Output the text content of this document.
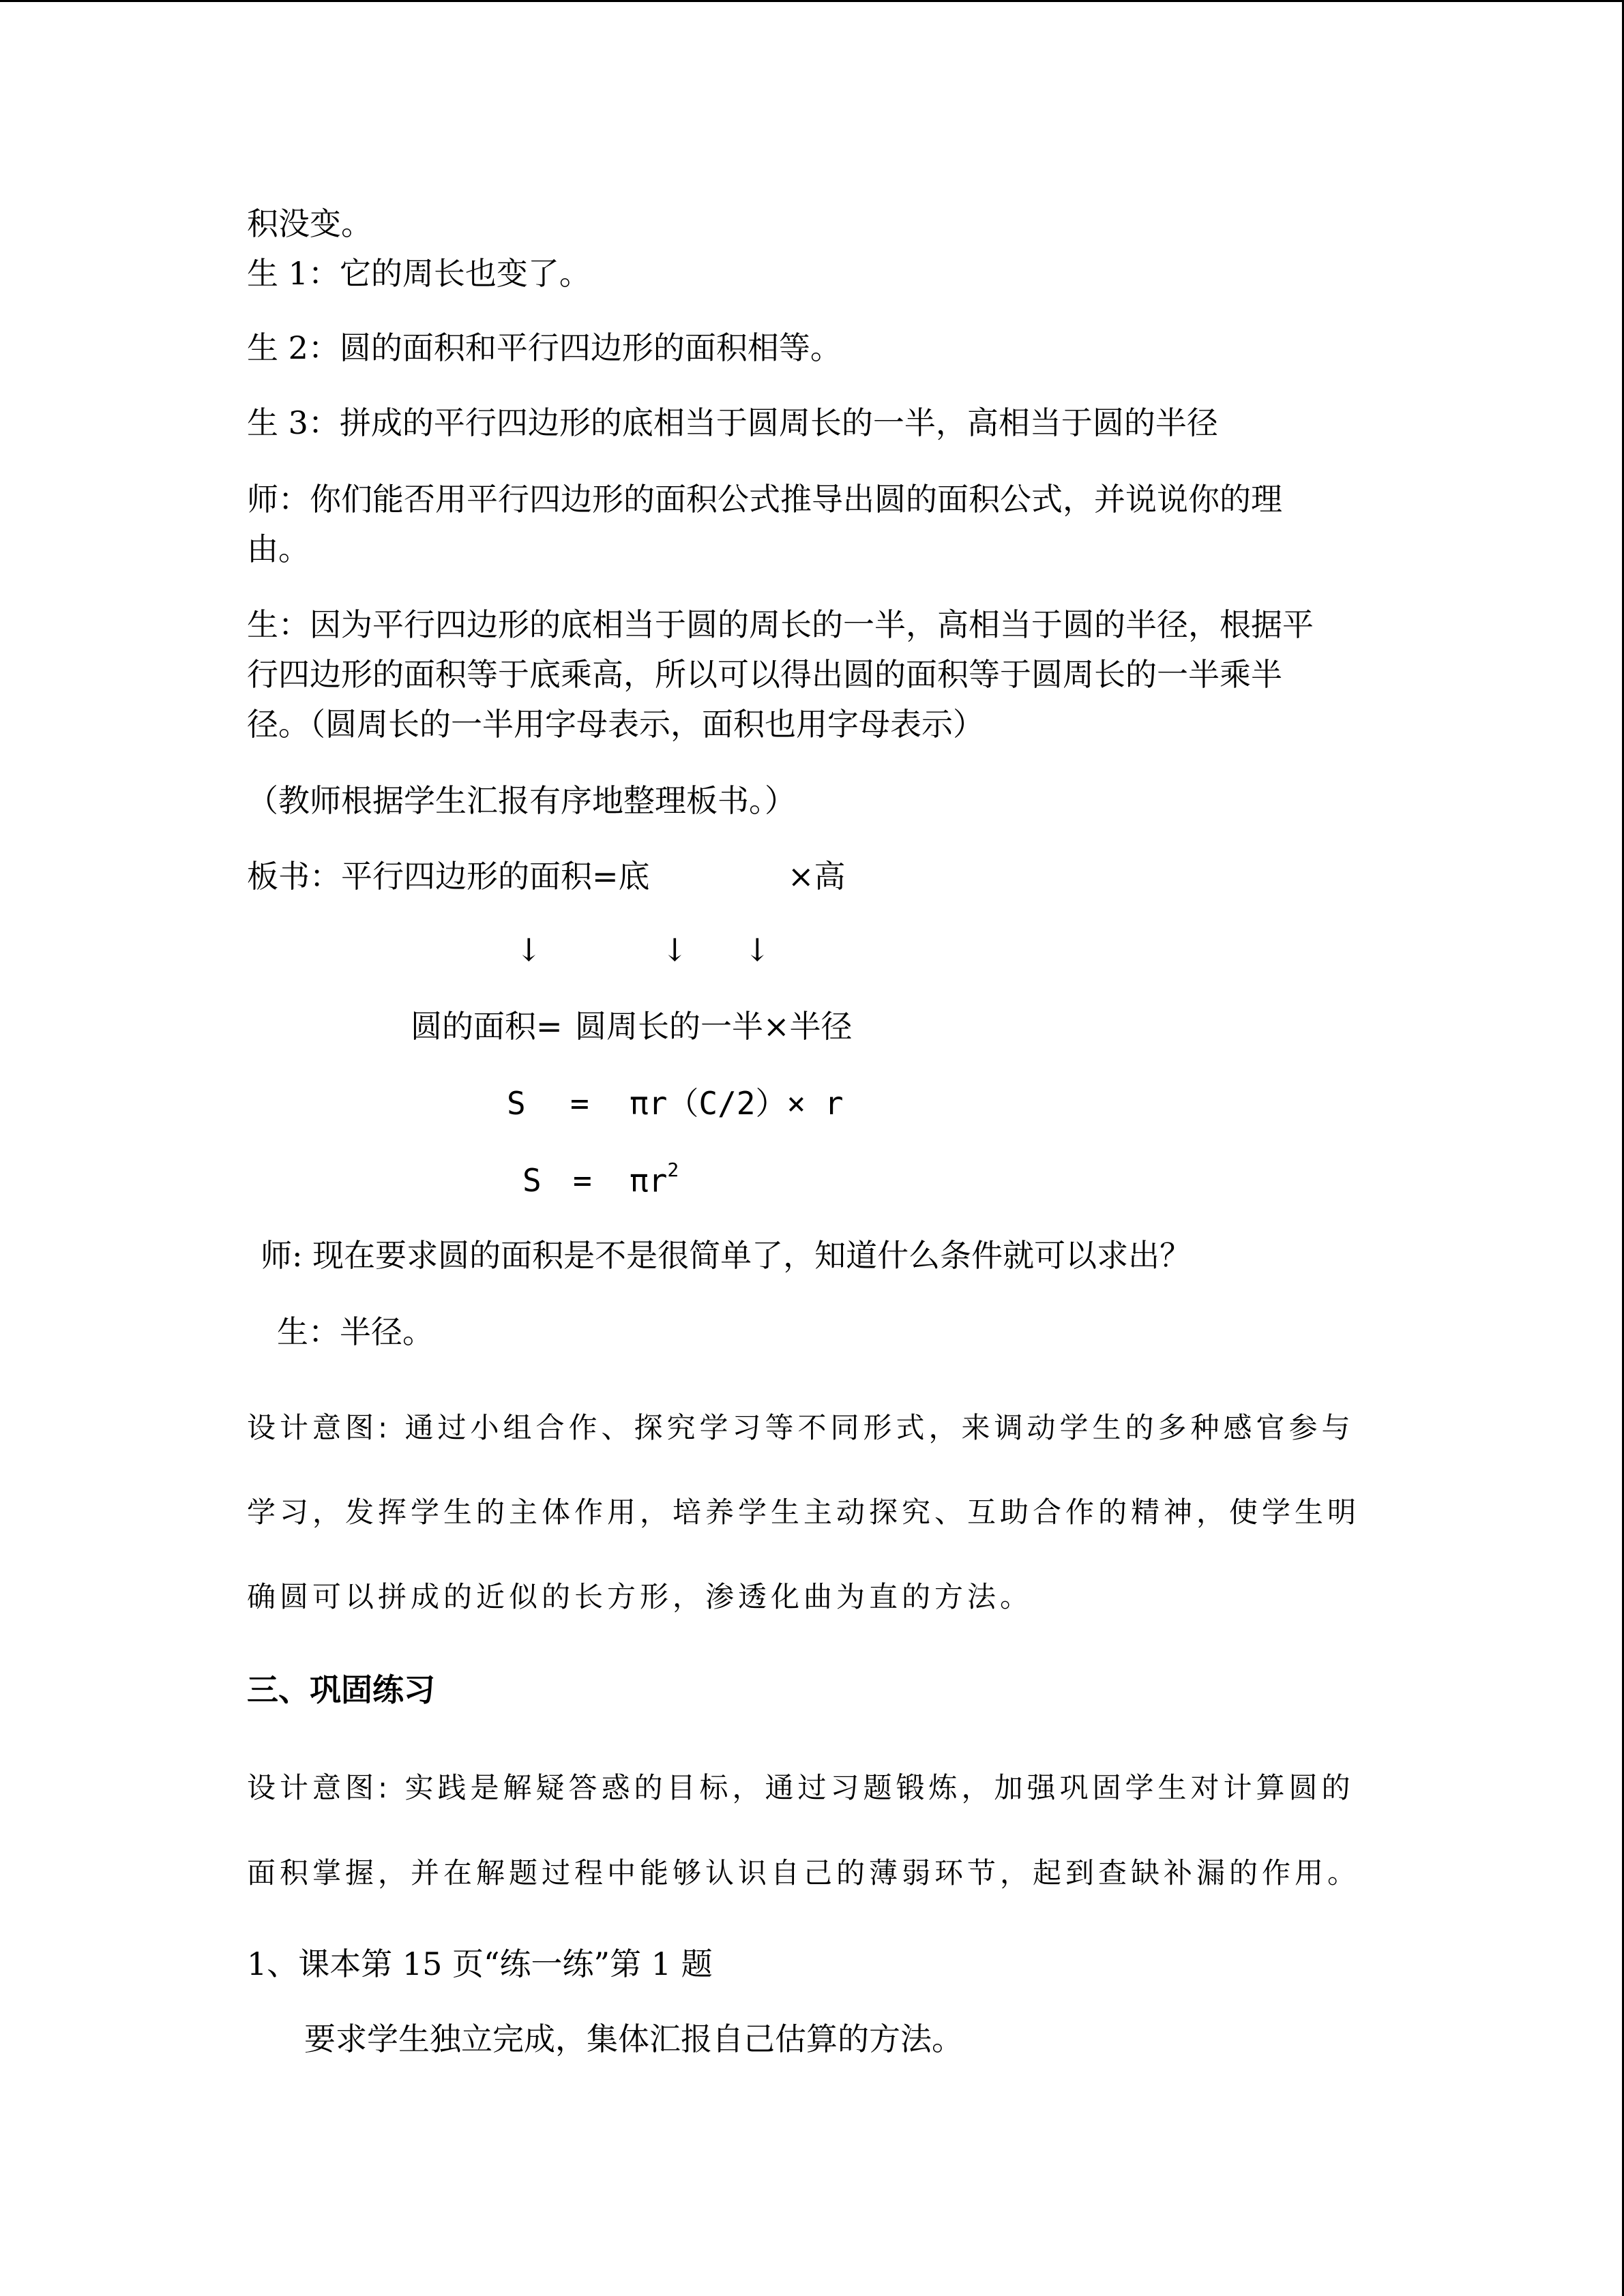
积没变。
生 1：它的周长也变了。
生 2：圆的面积和平行四边形的面积相等。
生 3：拼成的平行四边形的底相当于圆周长的一半，高相当于圆的半径
师：你们能否用平行四边形的面积公式推导出圆的面积公式，并说说你的理
由。
生：因为平行四边形的底相当于圆的周长的一半，高相当于圆的半径，根据平
行四边形的面积等于底乘高，所以可以得出圆的面积等于圆周长的一半乘半
径。（圆周长的一半用字母表示，面积也用字母表示）
（教师根据学生汇报有序地整理板书。）
板书：平行四边形的面积=底	×高
↓	↓ ↓
圆的面积= 圆周长的一半×半径
S = πr（C/2）× r
$S = \pi r^2$
师: 现在要求圆的面积是不是很简单了，知道什么条件就可以求出？
生：半径。
设计意图: 通过小组合作、探究学习等不同形式，来调动学生的多种感官参与
学习，发挥学生的主体作用，培养学生主动探究、互助合作的精神，使学生明
确圆可以拼成的近似的长方形，渗透化曲为直的方法。
三、巩固练习
设计意图: 实践是解疑答惑的目标，通过习题锻炼，加强巩固学生对计算圆的
面积掌握，并在解题过程中能够认识自己的薄弱环节，起到查缺补漏的作用。
1、课本第 15 页“练一练”第 1 题
要求学生独立完成，集体汇报自己估算的方法。
